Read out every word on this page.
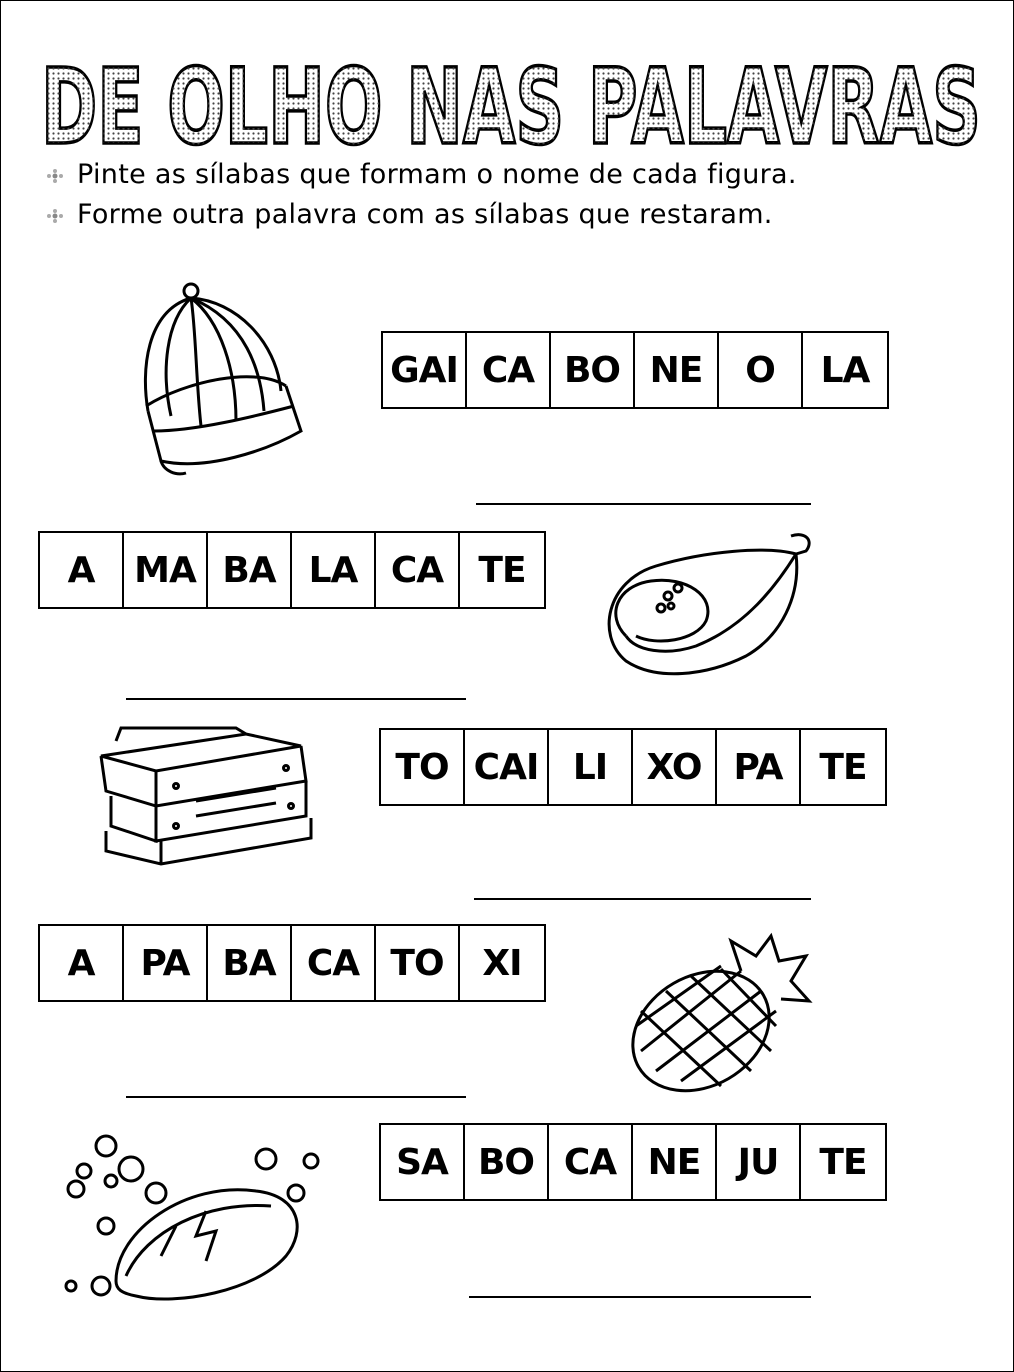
DE OLHO NAS PALAVRAS
Pinte as sílabas que formam o nome de cada figura.
Forme outra palavra com as sílabas que restaram.
GAI CA BO NE	O	LA
A	MA BA LA CA TE
TO CAI LI	XO PA	TE
A	PA BA CA TO	XI
SA BO CA NE	JU	TE
